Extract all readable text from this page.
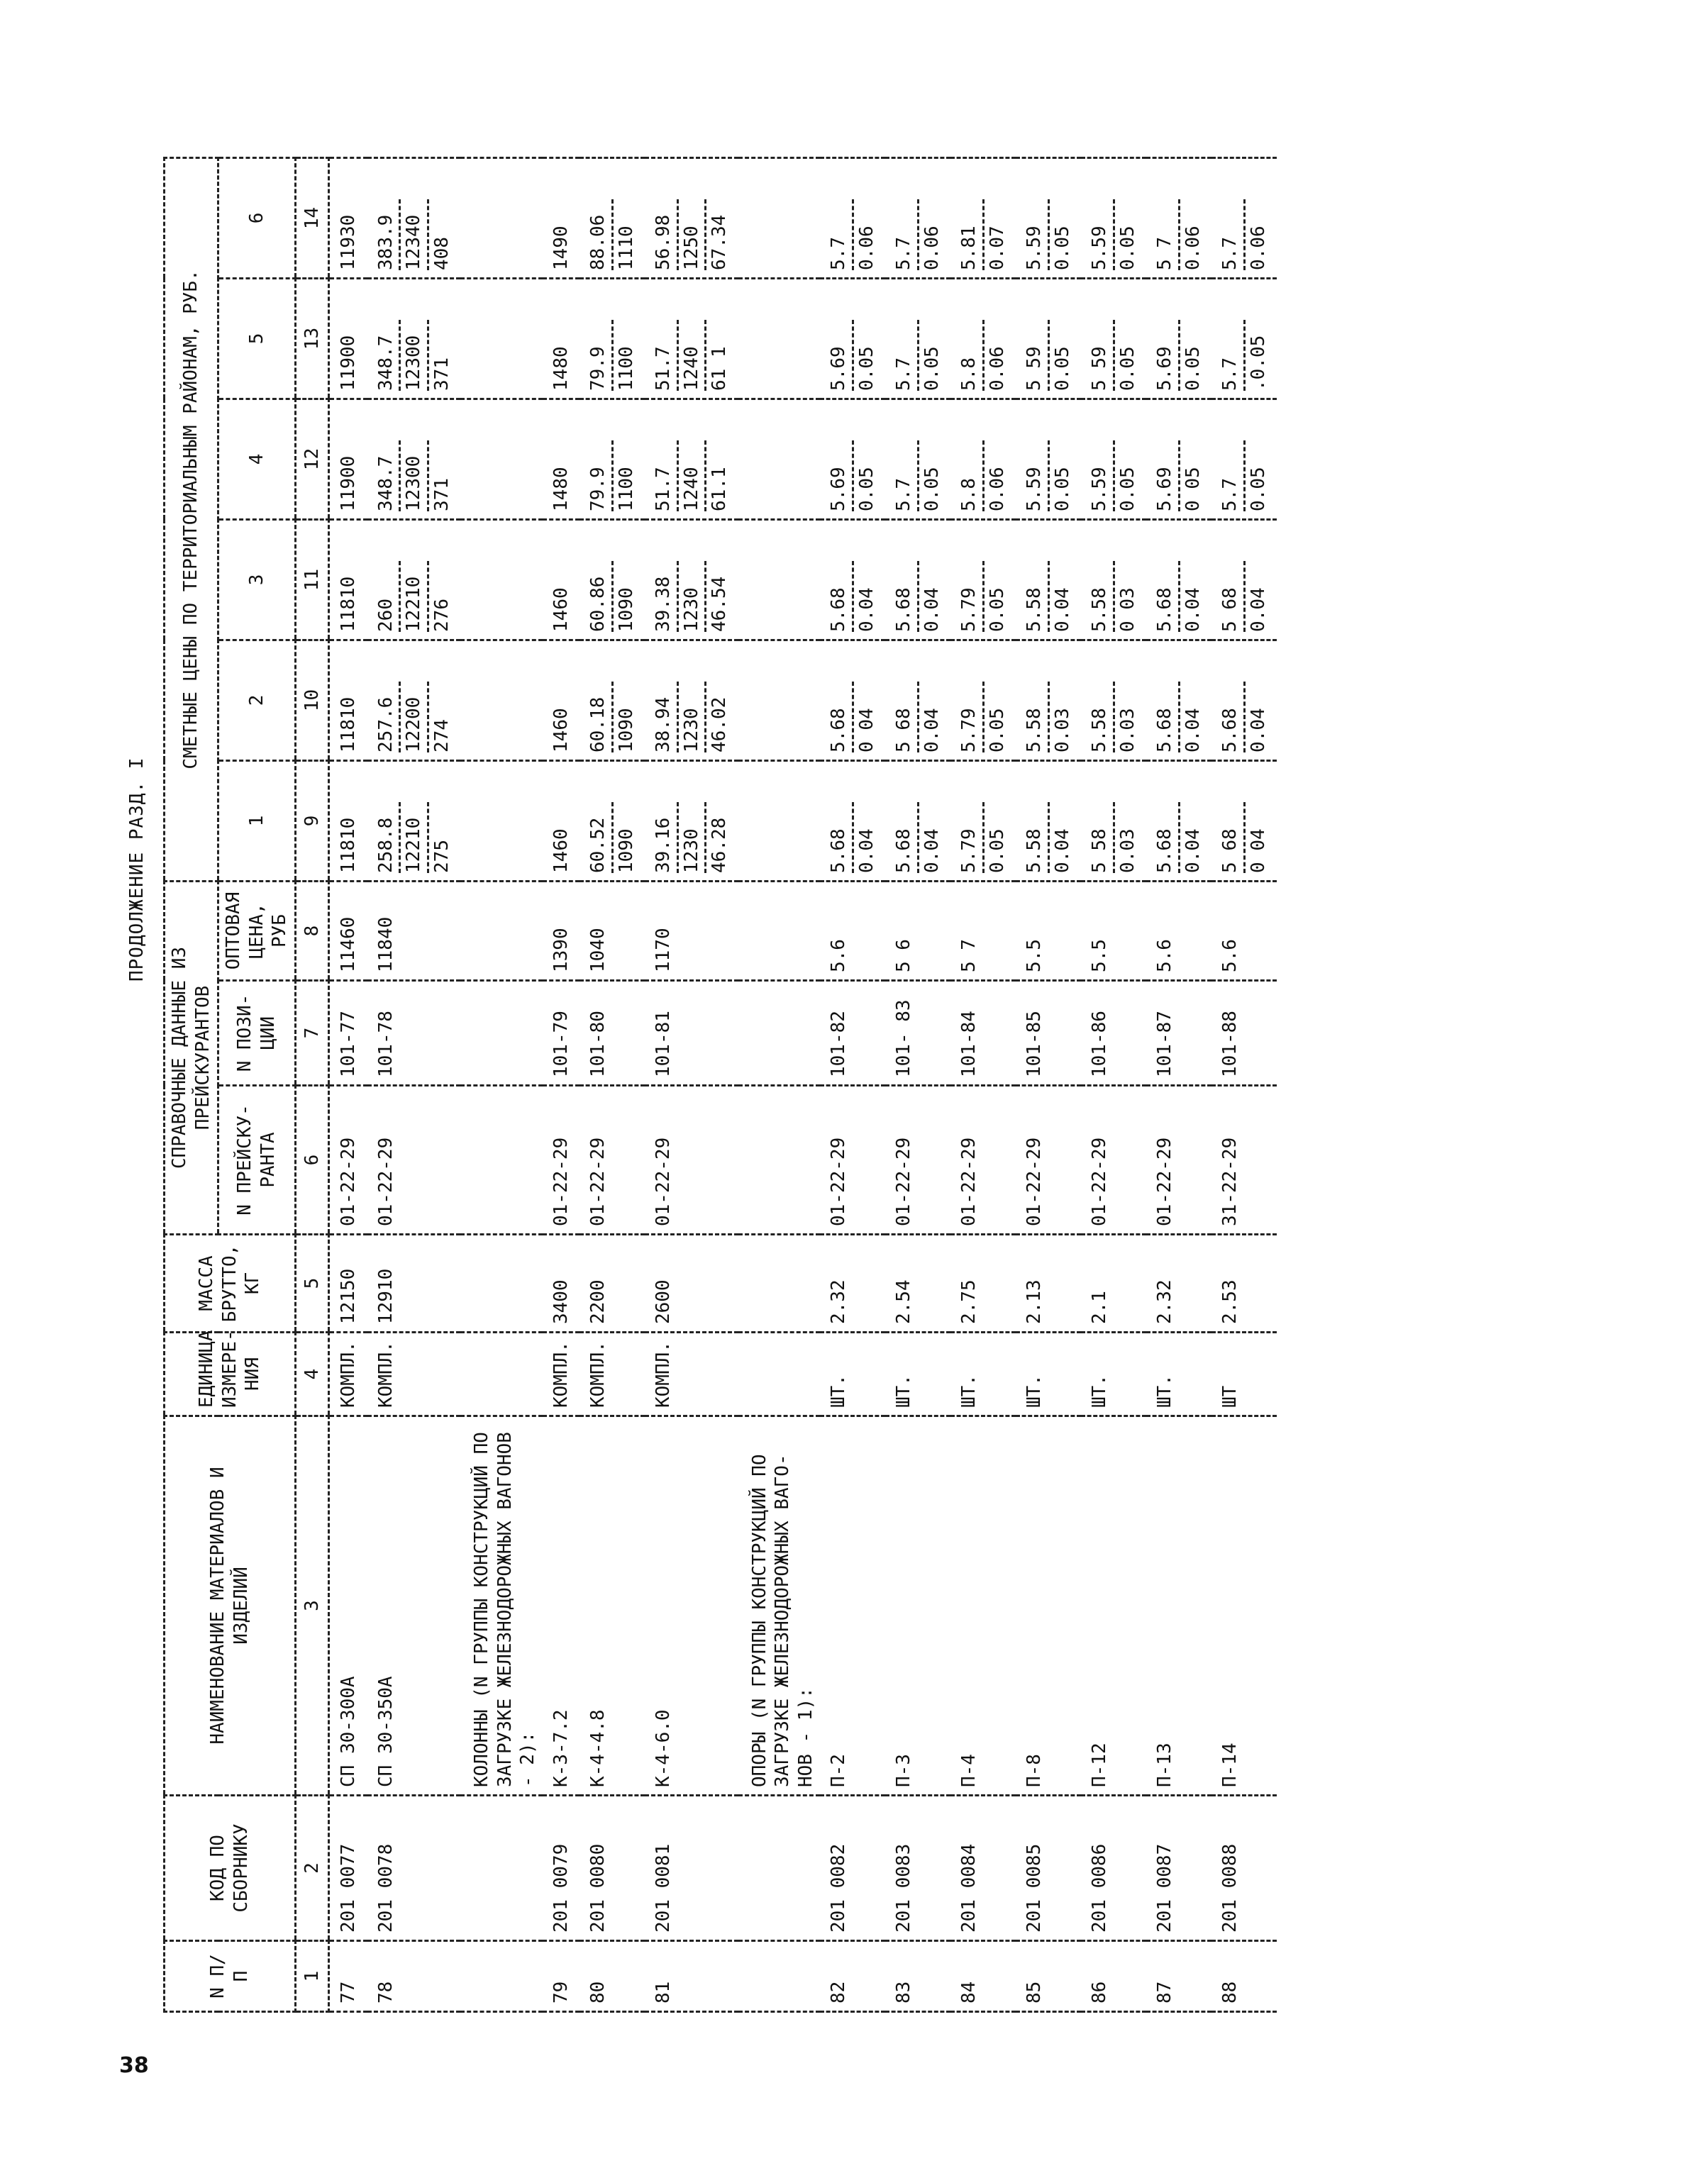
38
ПРОДОЛЖЕНИЕ РАЗД. I
N П/П	КОД ПО СБОРНИКУ	НАИМЕНОВАНИЕ МАТЕРИАЛОВ И ИЗДЕЛИЙ	ЕДИНИЦА ИЗМЕРЕ- НИЯ	МАССА БРУТТО, КГ	СПРАВОЧНЫЕ ДАННЫЕ ИЗ ПРЕЙСКУРАНТОВ			СМЕТНЫЕ ЦЕНЫ ПО ТЕРРИТОРИАЛЬНЫМ РАЙОНАМ, РУБ.					
					N ПРЕЙСКУ- РАНТА	N ПОЗИ- ЦИИ	ОПТОВАЯ ЦЕНА, РУБ	1	2	3	4	5	6
1	2	3	4	5	6	7	8	9	10	11	12	13	14
77	201 0077	СП 30-300А	КОМПЛ.	12150	01-22-29	101-77	11460	11810	11810	11810	11900	11900	11930

78	201 0078	СП 30-350А	КОМПЛ.	12910	01-22-29	101-78	11840	258.8 12210 275	257.6 12200 274	260 12210 276	348.7 12300 371	348.7 12300 371	383.9 12340 408

		КОЛОННЫ (N ГРУППЫ КОНСТРУКЦИЙ ПО ЗАГРУЗКЕ ЖЕЛЕЗНОДОРОЖНЫХ ВАГОНОВ - 2):											
79	201 0079	К-3-7.2	КОМПЛ.	3400	01-22-29	101-79	1390	1460	1460	1460	1480	1480	1490

80	201 0080	К-4-4.8	КОМПЛ.	2200	01-22-29	101-80	1040	60.52 1090	60.18 1090	60.86 1090	79.9 1100	79.9 1100	88.06 1110

81	201 0081	К-4-6.0	КОМПЛ.	2600	01-22-29	101-81	1170	39.16 1230 46.28	38.94 1230 46.02	39.38 1230 46.54	51.7 1240 61.1	51.7 1240 61 1	56.98 1250 67.34

		ОПОРЫ (N ГРУППЫ КОНСТРУКЦИЙ ПО ЗАГРУЗКЕ ЖЕЛЕЗНОДОРОЖНЫХ ВАГО- НОВ - 1):											
82	201 0082	П-2	ШТ.	2.32	01-22-29	101-82	5.6	5.68 0.04	5.68 0 04	5.68 0.04	5.69 0.05	5.69 0.05	5.7 0.06

83	201 0083	П-3	ШТ.	2.54	01-22-29	101- 83	5 6	5.68 0.04	5 68 0.04	5.68 0.04	5.7 0.05	5.7 0.05	5.7 0.06

84	201 0084	П-4	ШТ.	2.75	01-22-29	101-84	5 7	5.79 0.05	5.79 0.05	5.79 0.05	5.8 0.06	5.8 0.06	5.81 0.07

85	201 0085	П-8	ШТ.	2.13	01-22-29	101-85	5.5	5.58 0.04	5.58 0.03	5.58 0.04	5.59 0.05	5 59 0.05	5.59 0.05

86	201 0086	П-12	ШТ.	2.1	01-22-29	101-86	5.5	5 58 0.03	5.58 0.03	5.58 0 03	5.59 0.05	5 59 0.05	5.59 0.05

87	201 0087	П-13	ШТ.	2.32	01-22-29	101-87	5.6	5.68 0.04	5.68 0.04	5.68 0.04	5.69 0 05	5.69 0.05	5 7 0.06

88	201 0088	П-14	ШТ	2.53	31-22-29	101-88	5.6	5 68 0 04	5.68 0.04	5 68 0.04	5.7 0.05	5.7 .0.05	5.7 0.06
